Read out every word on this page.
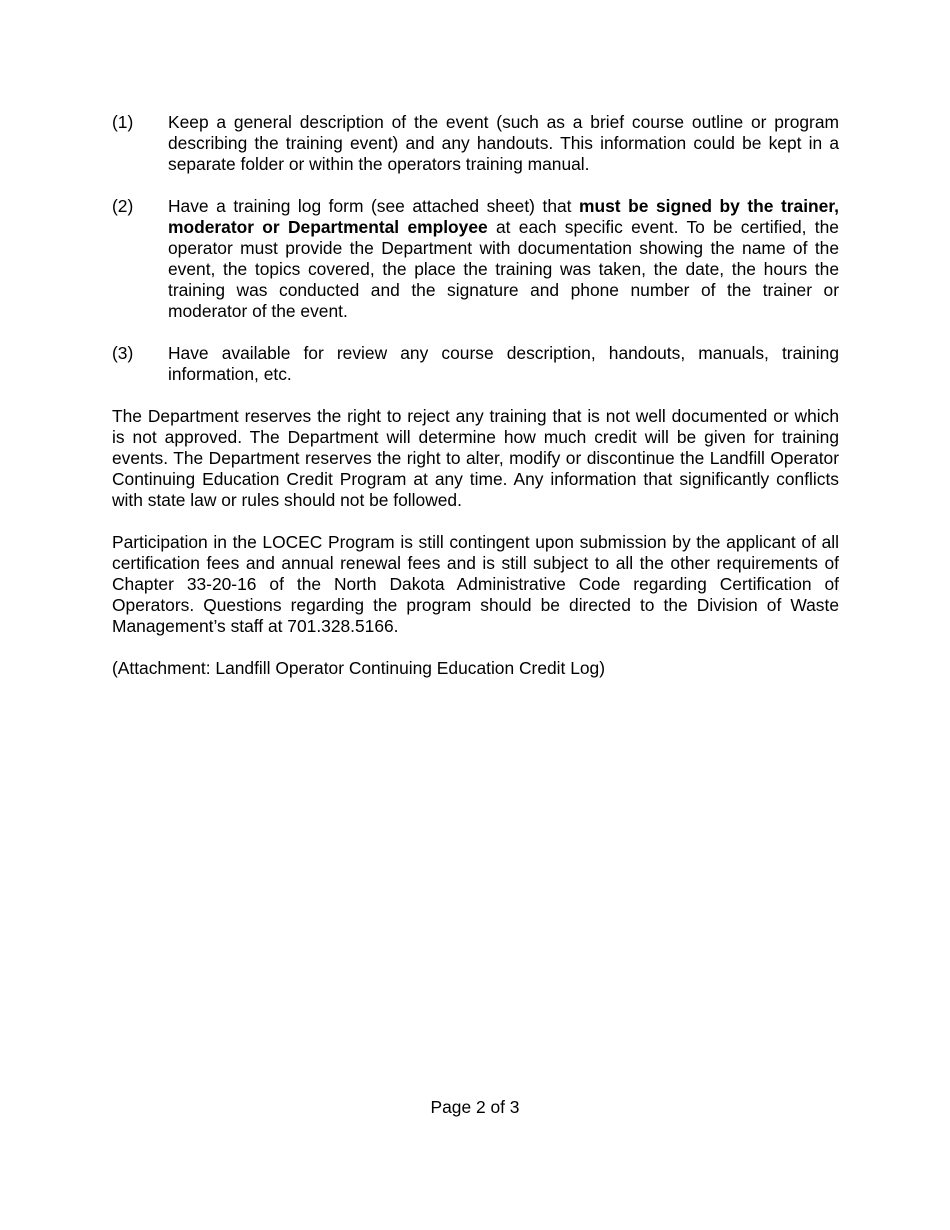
(1)	Keep a general description of the event (such as a brief course outline or program describing the training event) and any handouts. This information could be kept in a separate folder or within the operators training manual.
(2)	Have a training log form (see attached sheet) that must be signed by the trainer, moderator or Departmental employee at each specific event. To be certified, the operator must provide the Department with documentation showing the name of the event, the topics covered, the place the training was taken, the date, the hours the training was conducted and the signature and phone number of the trainer or moderator of the event.
(3)	Have available for review any course description, handouts, manuals, training information, etc.

The Department reserves the right to reject any training that is not well documented or which is not approved. The Department will determine how much credit will be given for training events. The Department reserves the right to alter, modify or discontinue the Landfill Operator Continuing Education Credit Program at any time. Any information that significantly conflicts with state law or rules should not be followed.

Participation in the LOCEC Program is still contingent upon submission by the applicant of all certification fees and annual renewal fees and is still subject to all the other requirements of Chapter 33-20-16 of the North Dakota Administrative Code regarding Certification of Operators. Questions regarding the program should be directed to the Division of Waste Management’s staff at 701.328.5166.

(Attachment: Landfill Operator Continuing Education Credit Log)

Page 2 of 3
